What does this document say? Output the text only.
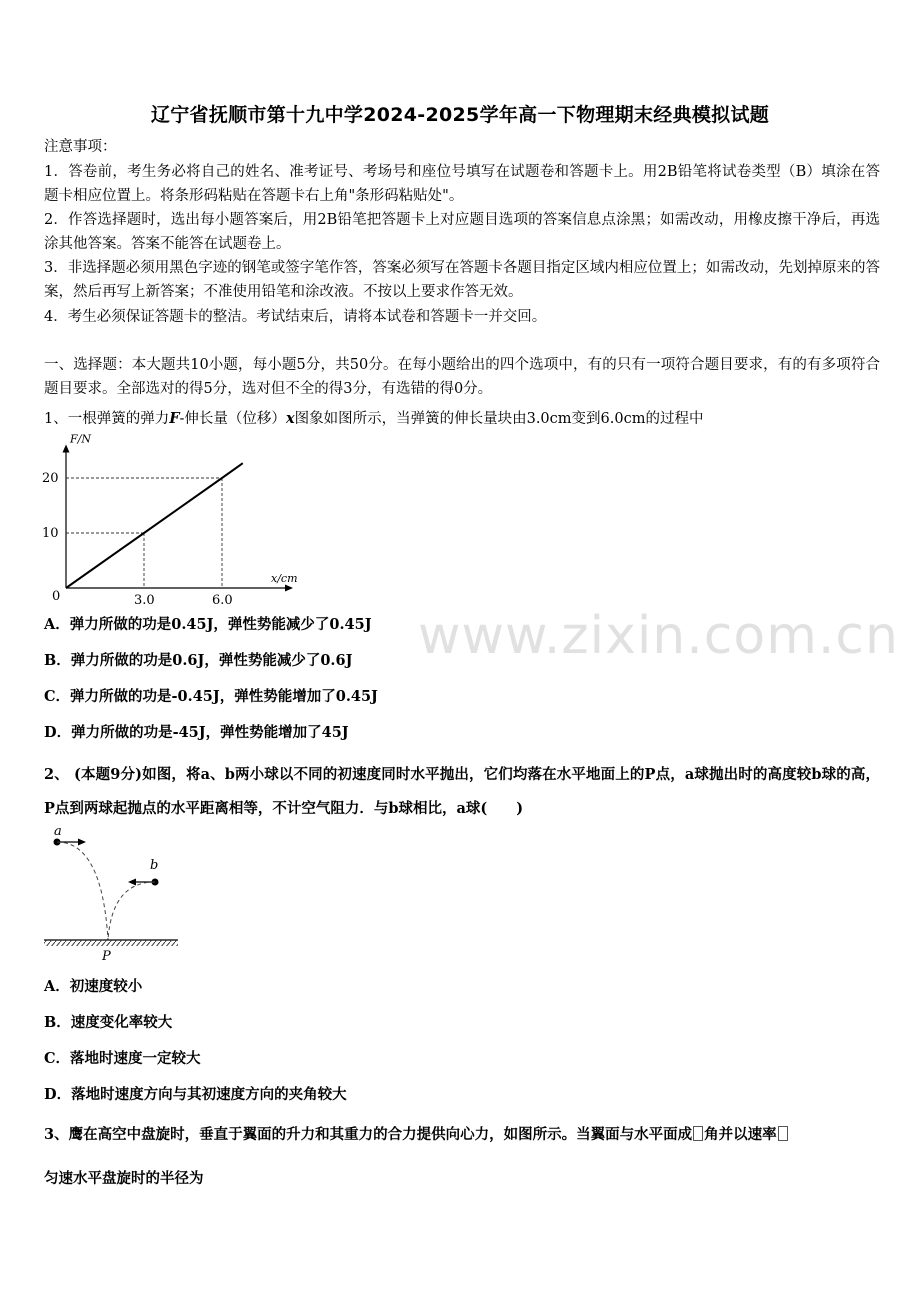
辽宁省抚顺市第十九中学2024-2025学年高一下物理期末经典模拟试题
注意事项：
1．答卷前，考生务必将自己的姓名、准考证号、考场号和座位号填写在试题卷和答题卡上。用2B铅笔将试卷类型（B）填涂在答题卡相应位置上。将条形码粘贴在答题卡右上角"条形码粘贴处"。
2．作答选择题时，选出每小题答案后，用2B铅笔把答题卡上对应题目选项的答案信息点涂黑；如需改动，用橡皮擦干净后，再选涂其他答案。答案不能答在试题卷上。
3．非选择题必须用黑色字迹的钢笔或签字笔作答，答案必须写在答题卡各题目指定区域内相应位置上；如需改动，先划掉原来的答案，然后再写上新答案；不准使用铅笔和涂改液。不按以上要求作答无效。
4．考生必须保证答题卡的整洁。考试结束后，请将本试卷和答题卡一并交回。
一、选择题：本大题共10小题，每小题5分，共50分。在每小题给出的四个选项中，有的只有一项符合题目要求，有的有多项符合题目要求。全部选对的得5分，选对但不全的得3分，有选错的得0分。
1、一根弹簧的弹力F-伸长量（位移）x图象如图所示，当弹簧的伸长量块由3.0cm变到6.0cm的过程中
F/N
x/cm
0	3.0
10
6.0
20
A．弹力所做的功是0.45J，弹性势能减少了0.45J
B．弹力所做的功是0.6J，弹性势能减少了0.6J
C．弹力所做的功是-0.45J，弹性势能增加了0.45J
D．弹力所做的功是-45J，弹性势能增加了45J
2、 (本题9分)如图，将a、b两小球以不同的初速度同时水平抛出，它们均落在水平地面上的P点，a球抛出时的高度较b球的高， P点到两球起抛点的水平距离相等，不计空气阻力．与b球相比，a球(　　)
a
b
P
A．初速度较小
B．速度变化率较大
C．落地时速度一定较大
D．落地时速度方向与其初速度方向的夹角较大
3、鹰在高空中盘旋时，垂直于翼面的升力和其重力的合力提供向心力，如图所示。当翼面与水平面成 角并以速率
匀速水平盘旋时的半径为
www.zixin.com.cn
